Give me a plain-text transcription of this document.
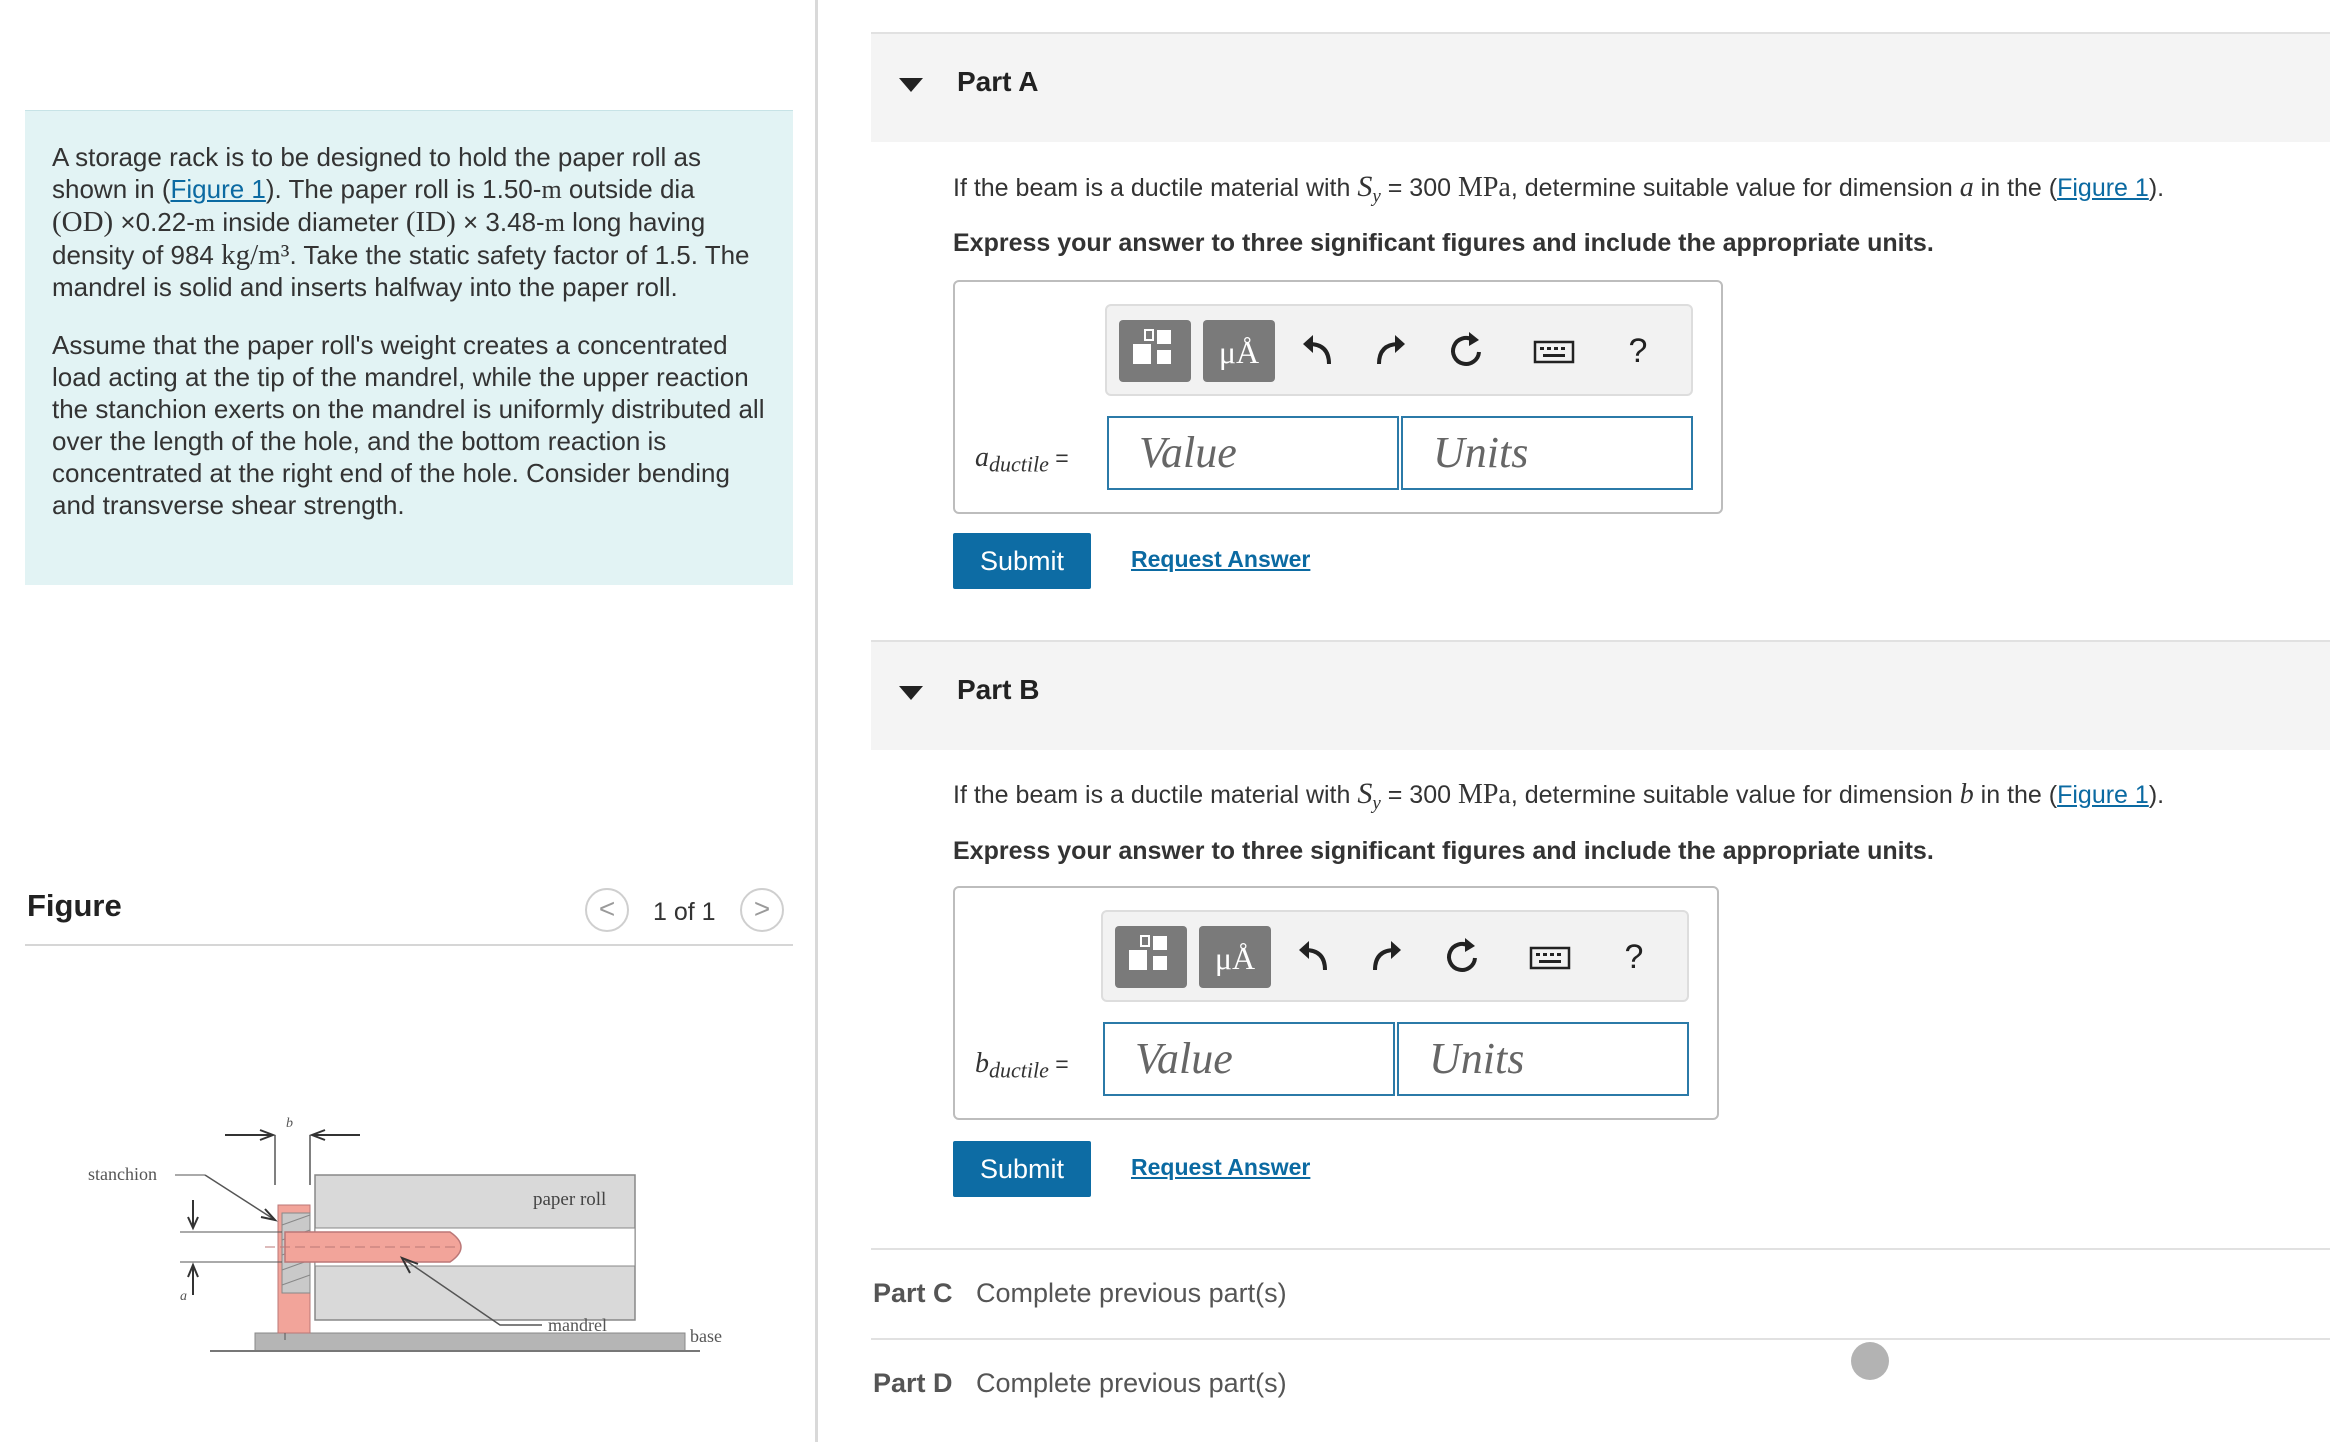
A storage rack is to be designed to hold the paper roll as shown in (Figure 1). The paper roll is 1.50-m outside dia
(OD) ×0.22-m inside diameter (ID) × 3.48-m long having density of 984 kg/m³. Take the static safety factor of 1.5. The mandrel is solid and inserts halfway into the paper roll.

Assume that the paper roll's weight creates a concentrated load acting at the tip of the mandrel, while the upper reaction the stanchion exerts on the mandrel is uniformly distributed all over the length of the hole, and the bottom reaction is concentrated at the right end of the hole. Consider bending and transverse shear strength.

Figure	<	1 of 1	>
b
a
stanchion
paper roll
mandrel
base
Part A
If the beam is a ductile material with $S_y = 300$ MPa, determine suitable value for dimension a in the (Figure 1).
Express your answer to three significant figures and include the appropriate units.
μÅ	?
$a_{ductile}$ =	Value	Units
Submit	Request Answer
Part B
If the beam is a ductile material with $S_y = 300$ MPa, determine suitable value for dimension b in the (Figure 1).
Express your answer to three significant figures and include the appropriate units.
μÅ	?
$b_{ductile}$ =	Value	Units
Submit	Request Answer
Part C Complete previous part(s)
Part D Complete previous part(s)
